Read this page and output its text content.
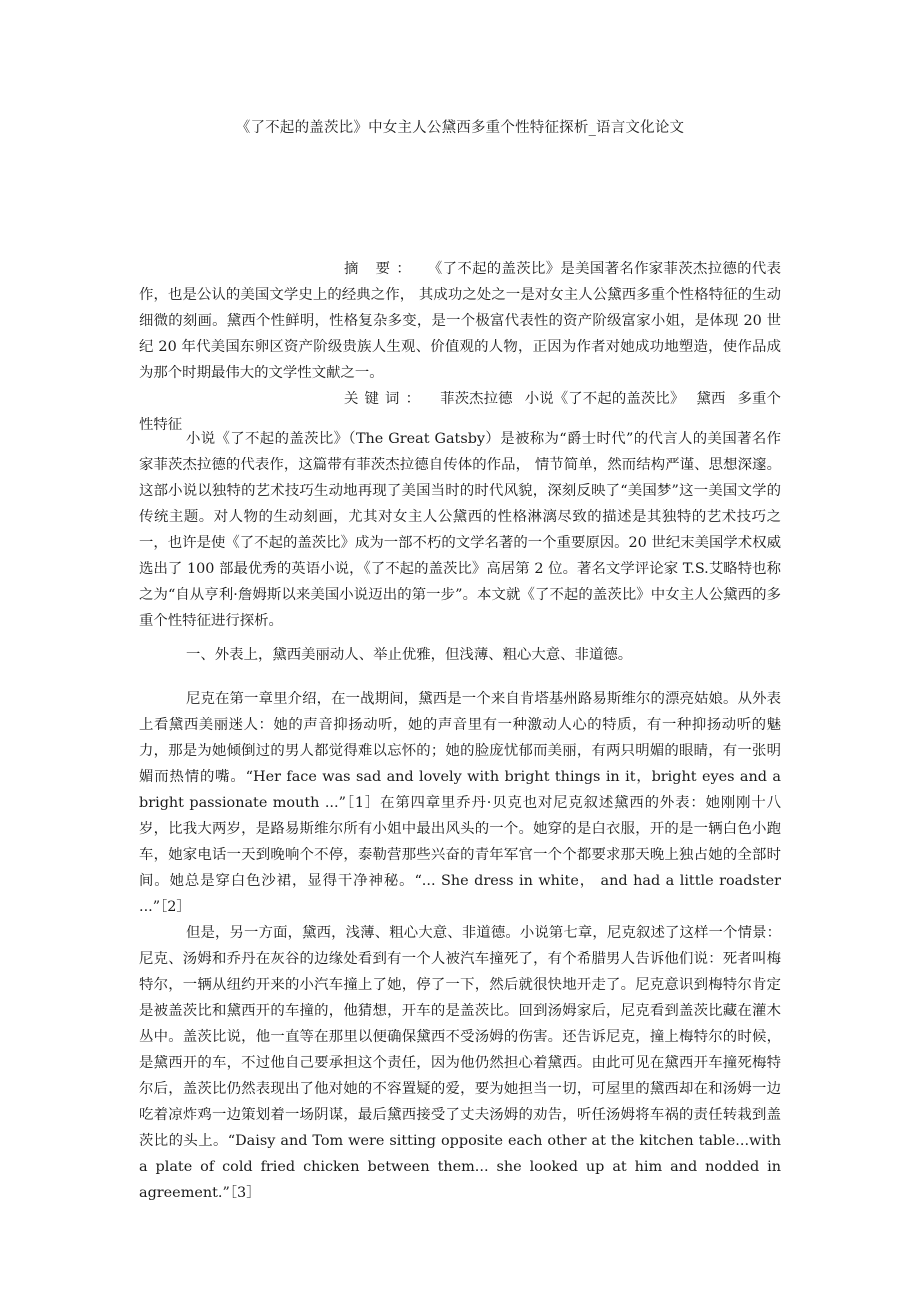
《了不起的盖茨比》中女主人公黛西多重个性特征探析_语言文化论文

摘 要： 《了不起的盖茨比》是美国著名作家菲茨杰拉德的代表作，也是公认的美国文学史上的经典之作， 其成功之处之一是对女主人公黛西多重个性格特征的生动细微的刻画。黛西个性鲜明，性格复杂多变，是一个极富代表性的资产阶级富家小姐，是体现 20 世纪 20 年代美国东卵区资产阶级贵族人生观、价值观的人物，正因为作者对她成功地塑造，使作品成为那个时期最伟大的文学性文献之一。

关键词： 菲茨杰拉德 小说《了不起的盖茨比》 黛西 多重个性特征

小说《了不起的盖茨比》（The Great Gatsby）是被称为“爵士时代”的代言人的美国著名作家菲茨杰拉德的代表作，这篇带有菲茨杰拉德自传体的作品， 情节简单，然而结构严谨、思想深邃。这部小说以独特的艺术技巧生动地再现了美国当时的时代风貌，深刻反映了“美国梦”这一美国文学的传统主题。对人物的生动刻画，尤其对女主人公黛西的性格淋漓尽致的描述是其独特的艺术技巧之一，也许是使《了不起的盖茨比》成为一部不朽的文学名著的一个重要原因。20 世纪末美国学术权威选出了 100 部最优秀的英语小说，《了不起的盖茨比》高居第 2 位。著名文学评论家 T.S.艾略特也称之为“自从亨利·詹姆斯以来美国小说迈出的第一步”。本文就《了不起的盖茨比》中女主人公黛西的多重个性特征进行探析。

一、外表上，黛西美丽动人、举止优雅，但浅薄、粗心大意、非道德。

尼克在第一章里介绍，在一战期间，黛西是一个来自肯塔基州路易斯维尔的漂亮姑娘。从外表上看黛西美丽迷人：她的声音抑扬动听，她的声音里有一种激动人心的特质，有一种抑扬动听的魅力，那是为她倾倒过的男人都觉得难以忘怀的；她的脸庞忧郁而美丽，有两只明媚的眼睛，有一张明媚而热情的嘴。“Her face was sad and lovely with bright things in it，bright eyes and a bright passionate mouth ...”［1］在第四章里乔丹·贝克也对尼克叙述黛西的外表：她刚刚十八岁，比我大两岁，是路易斯维尔所有小姐中最出风头的一个。她穿的是白衣服，开的是一辆白色小跑车，她家电话一天到晚响个不停，泰勒营那些兴奋的青年军官一个个都要求那天晚上独占她的全部时间。她总是穿白色沙裙，显得干净神秘。“... She dress in white， and had a little roadster ...”［2］

但是，另一方面，黛西，浅薄、粗心大意、非道德。小说第七章，尼克叙述了这样一个情景：尼克、汤姆和乔丹在灰谷的边缘处看到有一个人被汽车撞死了，有个希腊男人告诉他们说：死者叫梅特尔，一辆从纽约开来的小汽车撞上了她，停了一下，然后就很快地开走了。尼克意识到梅特尔肯定是被盖茨比和黛西开的车撞的，他猜想，开车的是盖茨比。回到汤姆家后，尼克看到盖茨比藏在灌木丛中。盖茨比说，他一直等在那里以便确保黛西不受汤姆的伤害。还告诉尼克，撞上梅特尔的时候，是黛西开的车，不过他自己要承担这个责任，因为他仍然担心着黛西。由此可见在黛西开车撞死梅特尔后，盖茨比仍然表现出了他对她的不容置疑的爱，要为她担当一切，可屋里的黛西却在和汤姆一边吃着凉炸鸡一边策划着一场阴谋，最后黛西接受了丈夫汤姆的劝告，听任汤姆将车祸的责任转栽到盖茨比的头上。“Daisy and Tom were sitting opposite each other at the kitchen table...with a plate of cold fried chicken between them... she looked up at him and nodded in agreement.”［3］
